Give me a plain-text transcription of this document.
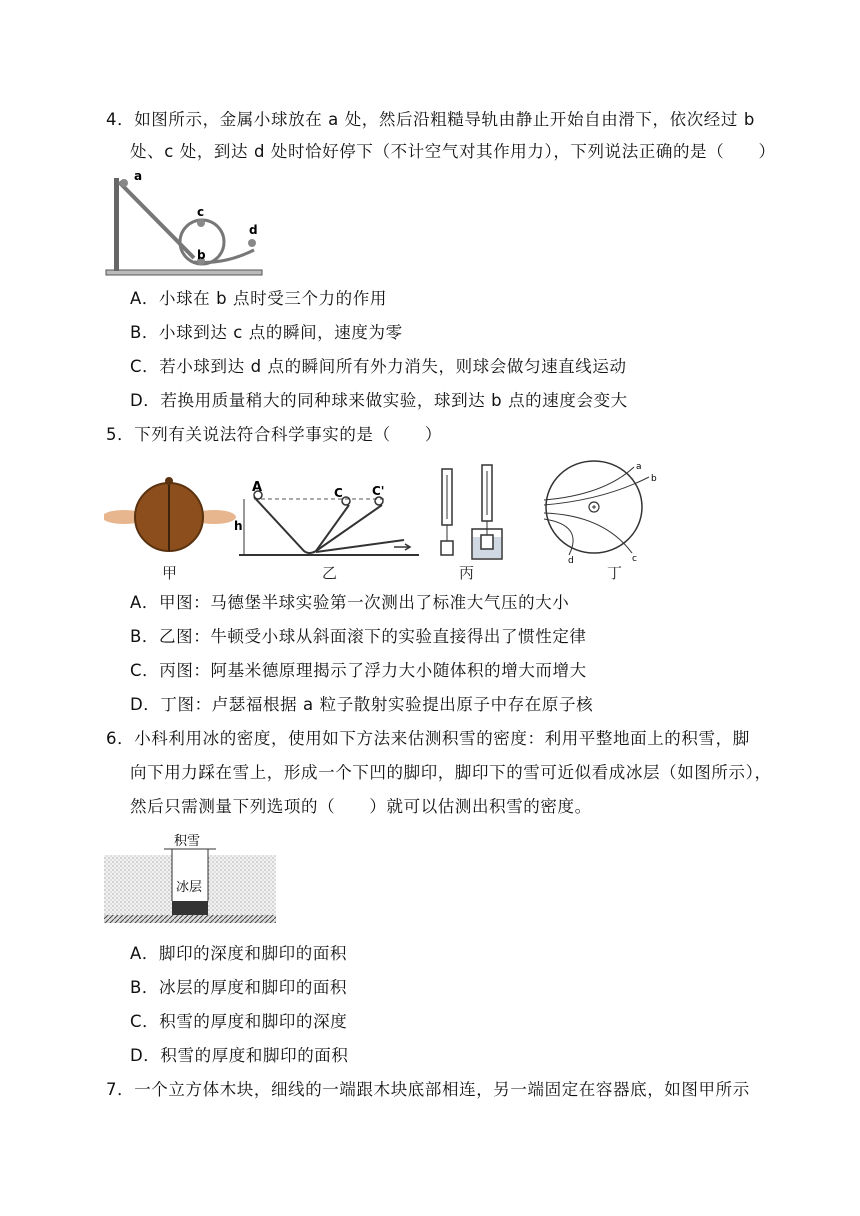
4．如图所示，金属小球放在 a 处，然后沿粗糙导轨由静止开始自由滑下，依次经过 b
处、c 处，到达 d 处时恰好停下（不计空气对其作用力），下列说法正确的是（　　）
a
c
d
b
A．小球在 b 点时受三个力的作用
B．小球到达 c 点的瞬间，速度为零
C．若小球到达 d 点的瞬间所有外力消失，则球会做匀速直线运动
D．若换用质量稍大的同种球来做实验，球到达 b 点的速度会变大
5．下列有关说法符合科学事实的是（　　）
甲
A	C C'
h
乙	丙
a
b
c
d
丁
A．甲图：马德堡半球实验第一次测出了标准大气压的大小
B．乙图：牛顿受小球从斜面滚下的实验直接得出了惯性定律
C．丙图：阿基米德原理揭示了浮力大小随体积的增大而增大
D．丁图：卢瑟福根据 a 粒子散射实验提出原子中存在原子核
6．小科利用冰的密度，使用如下方法来估测积雪的密度：利用平整地面上的积雪，脚
向下用力踩在雪上，形成一个下凹的脚印，脚印下的雪可近似看成冰层（如图所示），
然后只需测量下列选项的（　　）就可以估测出积雪的密度。
积雪
冰层
A．脚印的深度和脚印的面积
B．冰层的厚度和脚印的面积
C．积雪的厚度和脚印的深度
D．积雪的厚度和脚印的面积
7．一个立方体木块，细线的一端跟木块底部相连，另一端固定在容器底，如图甲所示
